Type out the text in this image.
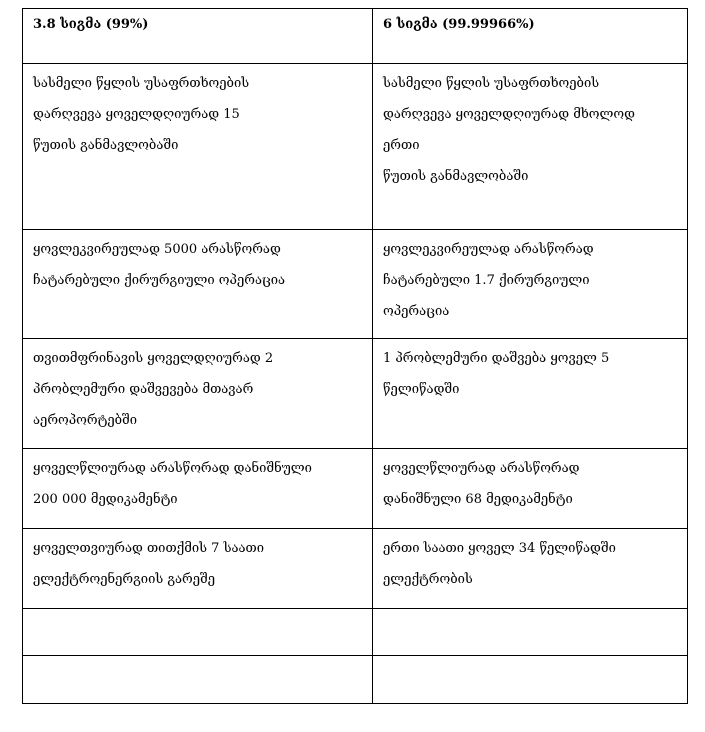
3.8 სიგმა (99%)	6 სიგმა (99.99966%)

სასმელი წყლის უსაფრთხოების
დარღვევა ყოველდღიურად 15
წუთის განმავლობაში	სასმელი წყლის უსაფრთხოების
დარღვევა ყოველდღიურად მხოლოდ
ერთი
წუთის განმავლობაში

ყოვლეკვირეულად 5000 არასწორად
ჩატარებული ქირურგიული ოპერაცია	ყოვლეკვირეულად არასწორად
ჩატარებული 1.7 ქირურგიული
ოპერაცია

თვითმფრინავის ყოველდღიურად 2
პრობლემური დაშვევება მთავარ
აეროპორტებში	1 პრობლემური დაშვება ყოველ 5
წელიწადში

ყოველწლიურად არასწორად დანიშნული
200 000 მედიკამენტი	ყოველწლიურად არასწორად
დანიშნული 68 მედიკამენტი

ყოველთვიურად თითქმის 7 საათი
ელექტროენერგიის გარეშე	ერთი საათი ყოველ 34 წელიწადში
ელექტრობის
